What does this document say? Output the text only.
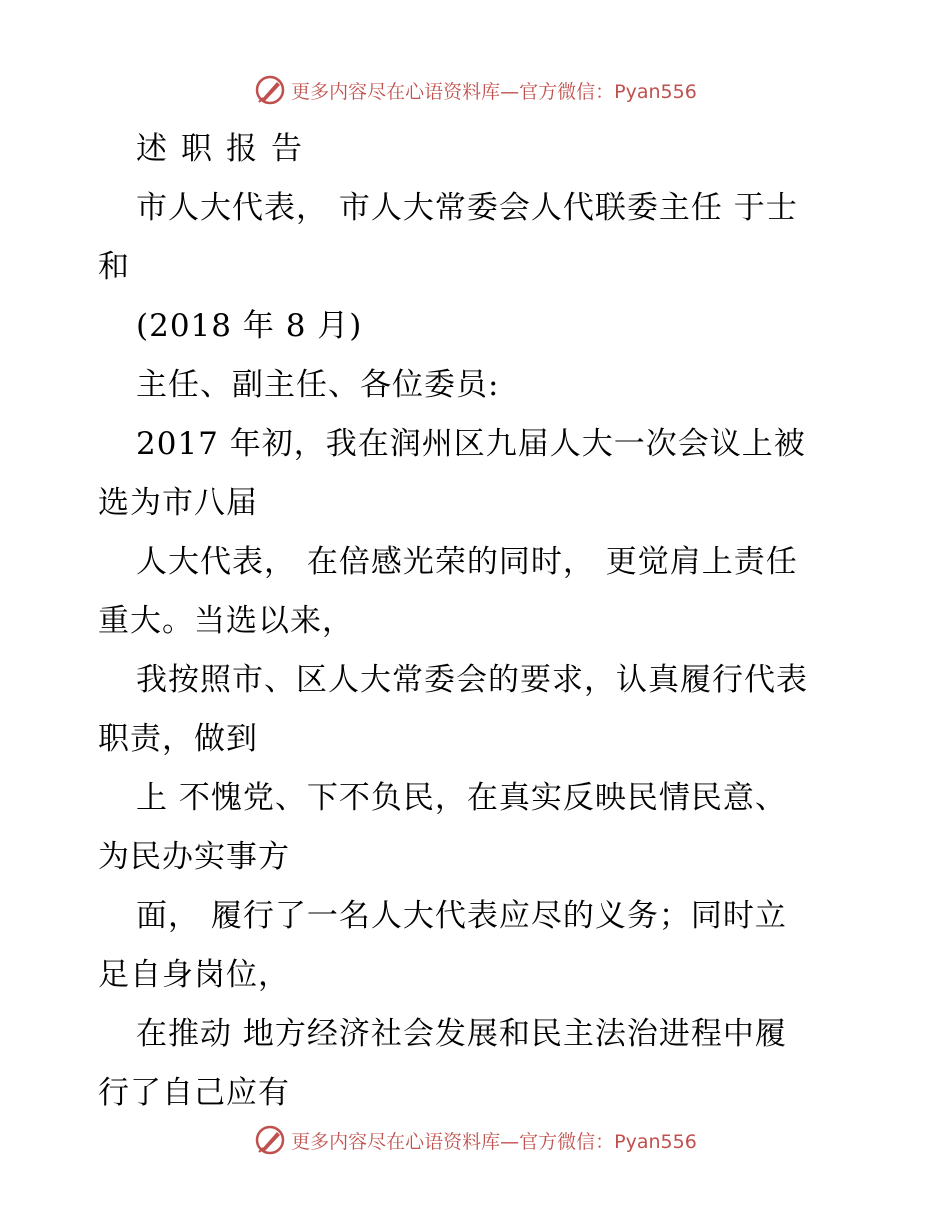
更多内容尽在心语资料库—官方微信：Pyan556
述职报告
市人大代表， 市人大常委会人代联委主任 于士
和
(2018 年 8 月)
主任、副主任、各位委员:
2017 年初，我在润州区九届人大一次会议上被
选为市八届
人大代表， 在倍感光荣的同时， 更觉肩上责任
重大。当选以来，
我按照市、区人大常委会的要求，认真履行代表
职责，做到
上 不愧党、下不负民，在真实反映民情民意、
为民办实事方
面， 履行了一名人大代表应尽的义务；同时立
足自身岗位，
在推动 地方经济社会发展和民主法治进程中履
行了自己应有
更多内容尽在心语资料库—官方微信：Pyan556
